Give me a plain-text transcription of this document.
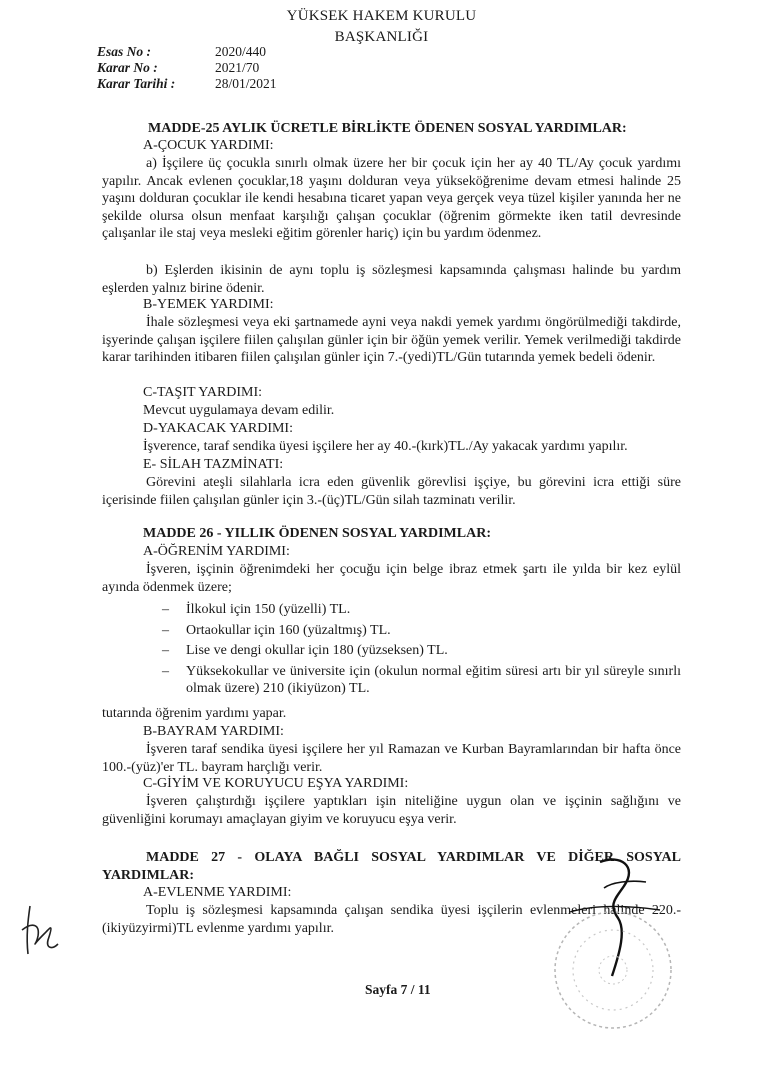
YÜKSEK HAKEM KURULU
BAŞKANLIĞI
Esas No :	2020/440
Karar No :	2021/70
Karar Tarihi :	28/01/2021
MADDE-25 AYLIK ÜCRETLE BİRLİKTE ÖDENEN SOSYAL YARDIMLAR:
A-ÇOCUK YARDIMI:
a) İşçilere üç çocukla sınırlı olmak üzere her bir çocuk için her ay 40 TL/Ay çocuk yardımı yapılır. Ancak evlenen çocuklar,18 yaşını dolduran veya yükseköğrenime devam etmesi halinde 25 yaşını dolduran çocuklar ile kendi hesabına ticaret yapan veya gerçek veya tüzel kişiler yanında her ne şekilde olursa olsun menfaat karşılığı çalışan çocuklar (öğrenim görmekte iken tatil devresinde çalışanlar ile staj veya mesleki eğitim görenler hariç) için bu yardım ödenmez.
b) Eşlerden ikisinin de aynı toplu iş sözleşmesi kapsamında çalışması halinde bu yardım eşlerden yalnız birine ödenir.
B-YEMEK YARDIMI:
İhale sözleşmesi veya eki şartnamede ayni veya nakdi yemek yardımı öngörülmediği takdirde, işyerinde çalışan işçilere fiilen çalışılan günler için bir öğün yemek verilir. Yemek verilmediği takdirde karar tarihinden itibaren fiilen çalışılan günler için 7.-(yedi)TL/Gün tutarında yemek bedeli ödenir.
C-TAŞIT YARDIMI:
Mevcut uygulamaya devam edilir.
D-YAKACAK YARDIMI:
İşverence, taraf sendika üyesi işçilere her ay 40.-(kırk)TL./Ay yakacak yardımı yapılır.
E- SİLAH TAZMİNATI:
Görevini ateşli silahlarla icra eden güvenlik görevlisi işçiye, bu görevini icra ettiği süre içerisinde fiilen çalışılan günler için 3.-(üç)TL/Gün silah tazminatı verilir.
MADDE 26 - YILLIK ÖDENEN SOSYAL YARDIMLAR:
A-ÖĞRENİM YARDIMI:
İşveren, işçinin öğrenimdeki her çocuğu için belge ibraz etmek şartı ile yılda bir kez eylül ayında ödenmek üzere;
– İlkokul için 150 (yüzelli) TL.
– Ortaokullar için 160 (yüzaltmış) TL.
– Lise ve dengi okullar için 180 (yüzseksen) TL.
– Yüksekokullar ve üniversite için (okulun normal eğitim süresi artı bir yıl süreyle sınırlı olmak üzere) 210 (ikiyüzon) TL.
tutarında öğrenim yardımı yapar.
B-BAYRAM YARDIMI:
İşveren taraf sendika üyesi işçilere her yıl Ramazan ve Kurban Bayramlarından bir hafta önce 100.-(yüz)'er TL. bayram harçlığı verir.
C-GİYİM VE KORUYUCU EŞYA YARDIMI:
İşveren çalıştırdığı işçilere yaptıkları işin niteliğine uygun olan ve işçinin sağlığını ve güvenliğini korumayı amaçlayan giyim ve koruyucu eşya verir.
MADDE 27 - OLAYA BAĞLI SOSYAL YARDIMLAR VE DİĞER SOSYAL YARDIMLAR:
A-EVLENME YARDIMI:
Toplu iş sözleşmesi kapsamında çalışan sendika üyesi işçilerin evlenmeleri halinde 220.-(ikiyüzyirmi)TL evlenme yardımı yapılır.
Sayfa 7 / 11
